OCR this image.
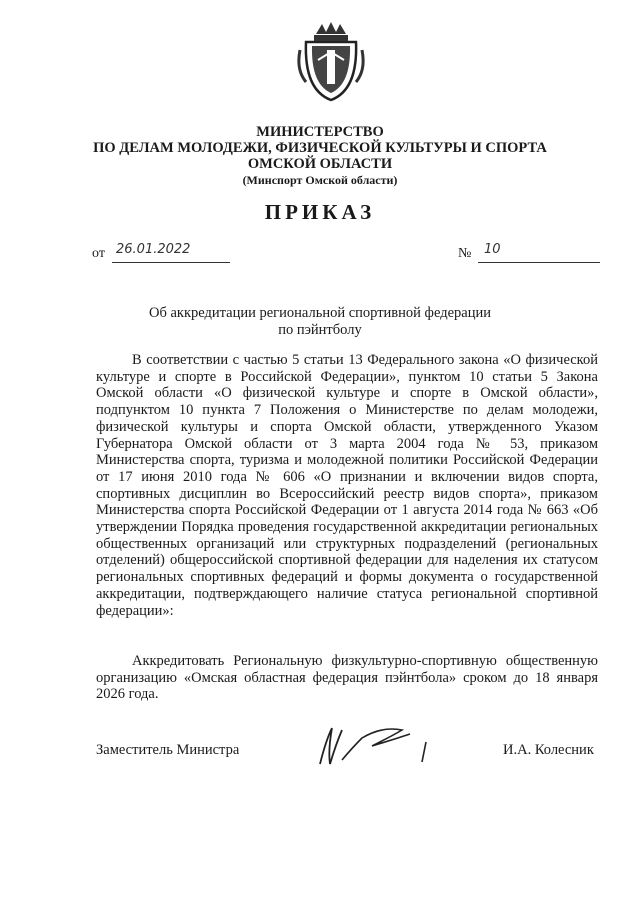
МИНИСТЕРСТВО
ПО ДЕЛАМ МОЛОДЕЖИ, ФИЗИЧЕСКОЙ КУЛЬТУРЫ И СПОРТА
ОМСКОЙ ОБЛАСТИ
(Минспорт Омской области)
ПРИКАЗ
от 26.01.2022	№ 10
Об аккредитации региональной спортивной федерации
по пэйнтболу
В соответствии с частью 5 статьи 13 Федерального закона «О физической культуре и спорте в Российской Федерации», пунктом 10 статьи 5 Закона Омской области «О физической культуре и спорте в Омской области», подпунктом 10 пункта 7 Положения о Министерстве по делам молодежи, физической культуры и спорта Омской области, утвержденного Указом Губернатора Омской области от 3 марта 2004 года № 53, приказом Министерства спорта, туризма и молодежной политики Российской Федерации от 17 июня 2010 года № 606 «О признании и включении видов спорта, спортивных дисциплин во Всероссийский реестр видов спорта», приказом Министерства спорта Российской Федерации от 1 августа 2014 года № 663 «Об утверждении Порядка проведения государственной аккредитации региональных общественных организаций или структурных подразделений (региональных отделений) общероссийской спортивной федерации для наделения их статусом региональных спортивных федераций и формы документа о государственной аккредитации, подтверждающего наличие статуса региональной спортивной федерации»:
Аккредитовать Региональную физкультурно-спортивную общественную организацию «Омская областная федерация пэйнтбола» сроком до 18 января 2026 года.
Заместитель Министра	И.А. Колесник
